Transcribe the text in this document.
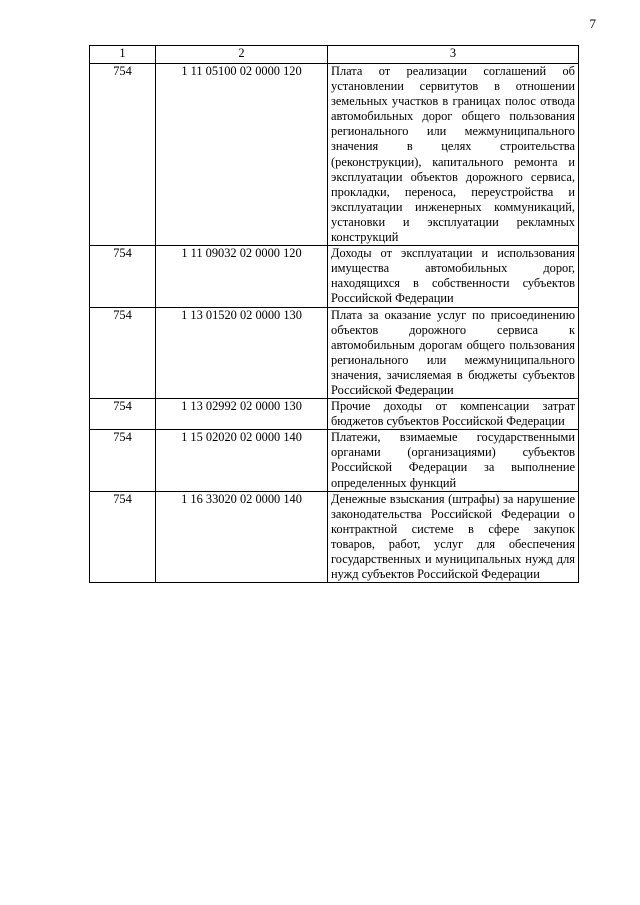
7
1	2	3
754	1 11 05100 02 0000 120	Плата от реализации соглашений об установлении сервитутов в отношении земельных участков в границах полос отвода автомобильных дорог общего пользования регионального или межмуниципального значения в целях строительства (реконструкции), капитального ремонта и эксплуатации объектов дорожного сервиса, прокладки, переноса, переустройства и эксплуатации инженерных коммуникаций, установки и эксплуатации рекламных конструкций
754	1 11 09032 02 0000 120	Доходы от эксплуатации и использования имущества автомобильных дорог, находящихся в собственности субъектов Российской Федерации
754	1 13 01520 02 0000 130	Плата за оказание услуг по присоединению объектов дорожного сервиса к автомобильным дорогам общего пользования регионального или межмуниципального значения, зачисляемая в бюджеты субъектов Российской Федерации
754	1 13 02992 02 0000 130	Прочие доходы от компенсации затрат бюджетов субъектов Российской Федерации
754	1 15 02020 02 0000 140	Платежи, взимаемые государственными органами (организациями) субъектов Российской Федерации за выполнение определенных функций
754	1 16 33020 02 0000 140	Денежные взыскания (штрафы) за нарушение законодательства Российской Федерации о контрактной системе в сфере закупок товаров, работ, услуг для обеспечения государственных и муниципальных нужд для нужд субъектов Российской Федерации
